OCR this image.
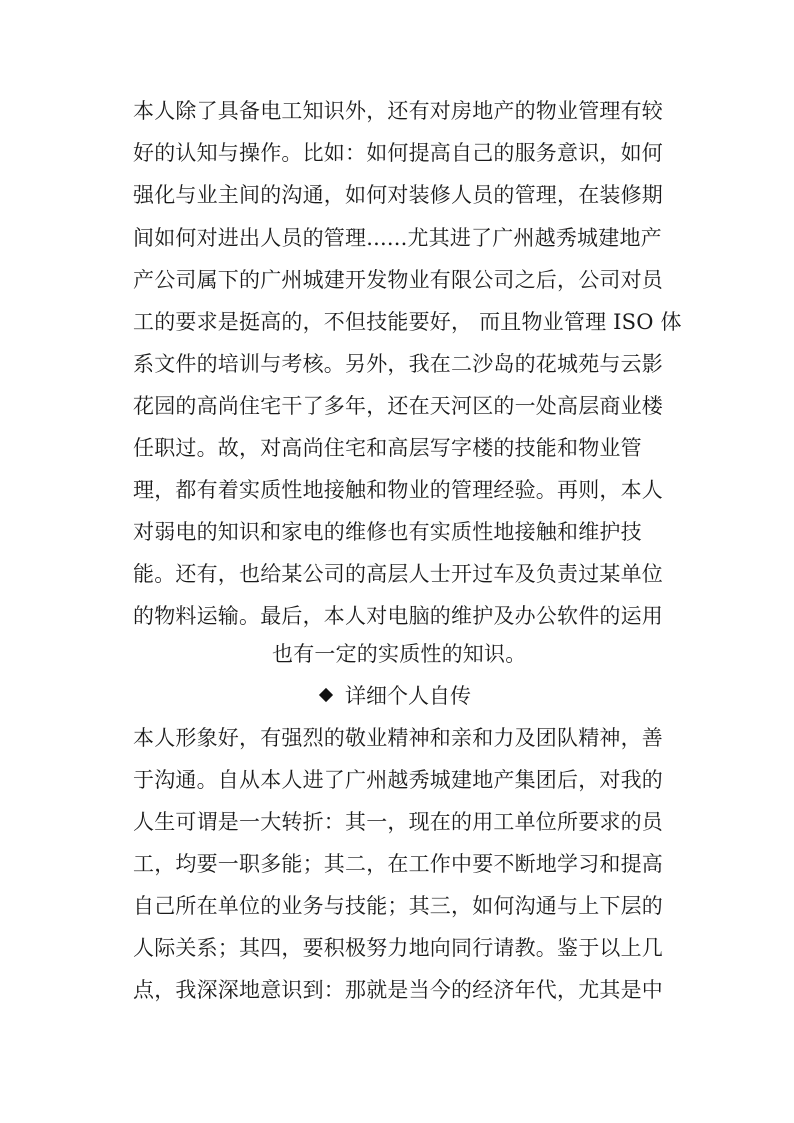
本人除了具备电工知识外，还有对房地产的物业管理有较
好的认知与操作。比如：如何提高自己的服务意识，如何
强化与业主间的沟通，如何对装修人员的管理，在装修期
间如何对进出人员的管理......尤其进了广州越秀城建地产
产公司属下的广州城建开发物业有限公司之后，公司对员
工的要求是挺高的，不但技能要好， 而且物业管理 ISO 体
系文件的培训与考核。另外，我在二沙岛的花城苑与云影
花园的高尚住宅干了多年，还在天河区的一处高层商业楼
任职过。故，对高尚住宅和高层写字楼的技能和物业管
理，都有着实质性地接触和物业的管理经验。再则，本人
对弱电的知识和家电的维修也有实质性地接触和维护技
能。还有，也给某公司的高层人士开过车及负责过某单位
的物料运输。最后，本人对电脑的维护及办公软件的运用
也有一定的实质性的知识。
详细个人自传
本人形象好，有强烈的敬业精神和亲和力及团队精神，善
于沟通。自从本人进了广州越秀城建地产集团后，对我的
人生可谓是一大转折：其一，现在的用工单位所要求的员
工，均要一职多能；其二，在工作中要不断地学习和提高
自己所在单位的业务与技能；其三，如何沟通与上下层的
人际关系；其四，要积极努力地向同行请教。鉴于以上几
点，我深深地意识到：那就是当今的经济年代，尤其是中
